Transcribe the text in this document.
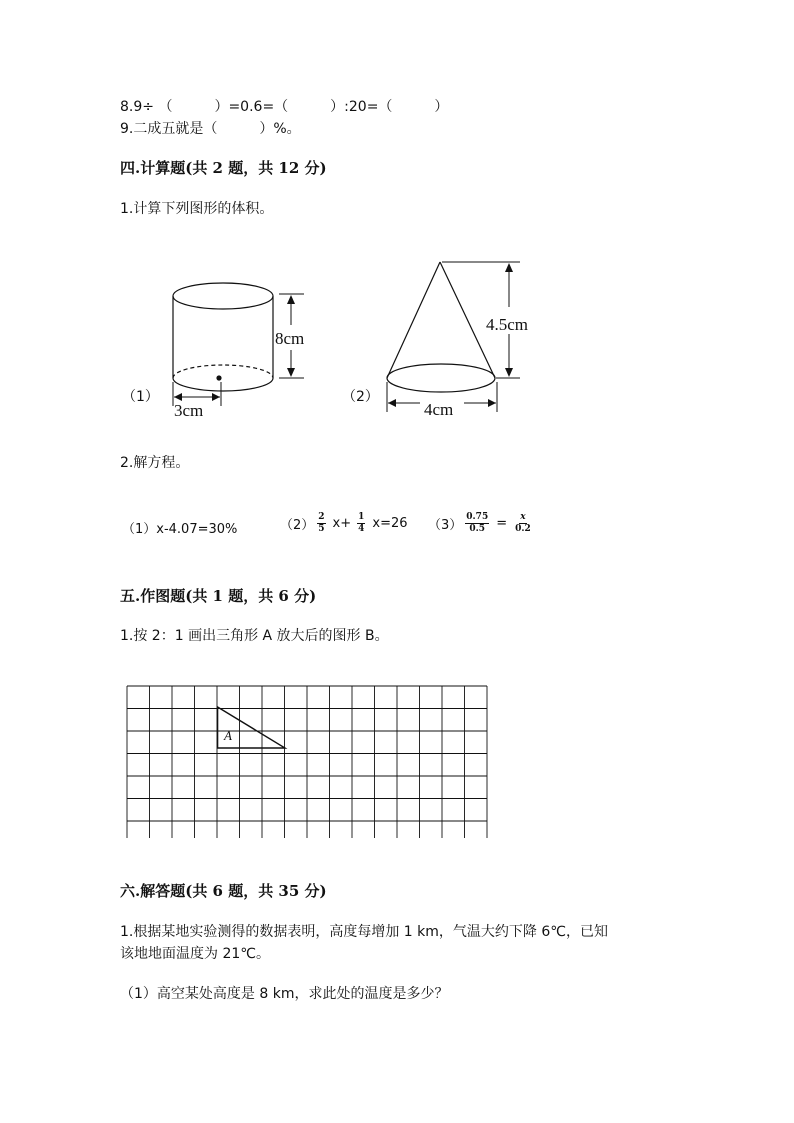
8.9÷ （　　　）=0.6=（　　　）:20=（　　　）
9.二成五就是（　　　）%。
四.计算题(共 2 题，共 12 分)
1.计算下列图形的体积。
（1）
8cm
3cm
（2）
4.5cm
4cm
2.解方程。
（1）x-4.07=30%	$(2) \frac{2}{5} x+ \frac{1}{4} x=26$ $(3) \frac{0.75}{0.5} = \frac{x}{0.2}$
五.作图题(共 1 题，共 6 分)
1.按 2：1 画出三角形 A 放大后的图形 B。
A
六.解答题(共 6 题，共 35 分)
1.根据某地实验测得的数据表明，高度每增加 1 km，气温大约下降 6℃，已知
该地地面温度为 21℃。
（1）高空某处高度是 8 km，求此处的温度是多少？
